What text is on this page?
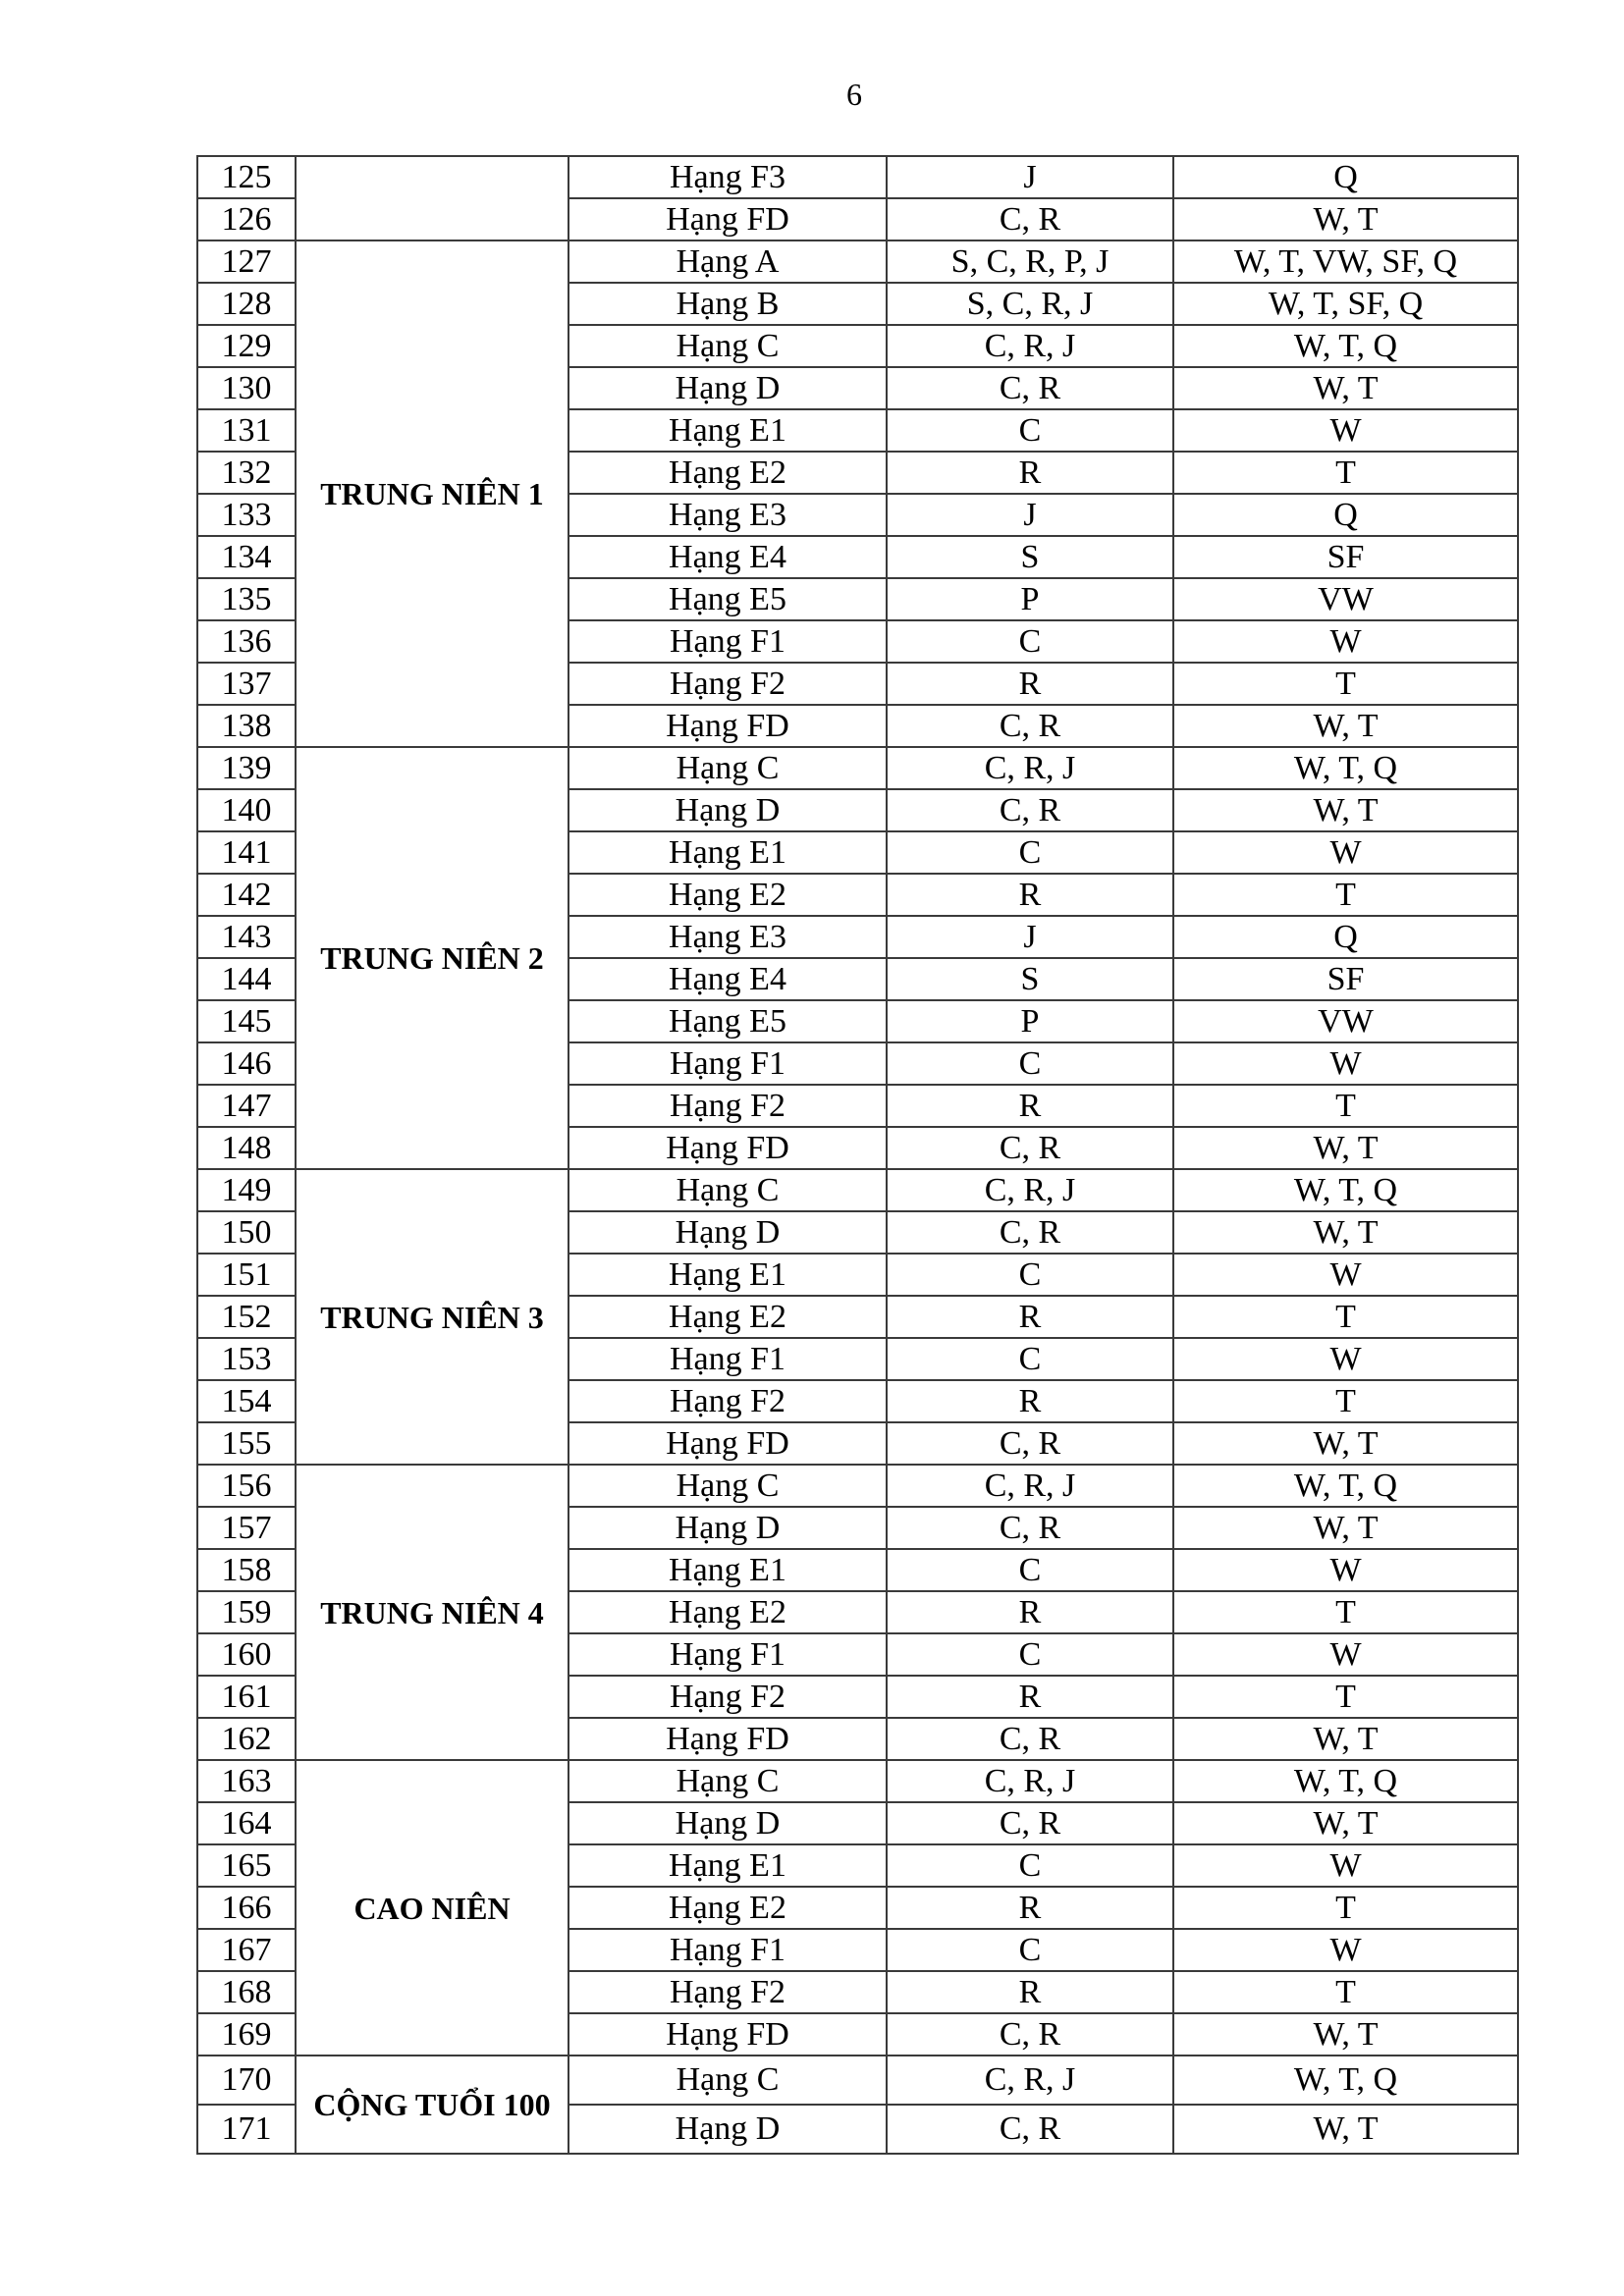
6
125		Hạng F3	J	Q
126		Hạng FD	C, R	W, T
127	TRUNG NIÊN 1	Hạng A	S, C, R, P, J	W, T, VW, SF, Q
128		Hạng B	S, C, R, J	W, T, SF, Q
129		Hạng C	C, R, J	W, T, Q
130		Hạng D	C, R	W, T
131		Hạng E1	C	W
132		Hạng E2	R	T
133		Hạng E3	J	Q
134		Hạng E4	S	SF
135		Hạng E5	P	VW
136		Hạng F1	C	W
137		Hạng F2	R	T
138		Hạng FD	C, R	W, T
139	TRUNG NIÊN 2	Hạng C	C, R, J	W, T, Q
140		Hạng D	C, R	W, T
141		Hạng E1	C	W
142		Hạng E2	R	T
143		Hạng E3	J	Q
144		Hạng E4	S	SF
145		Hạng E5	P	VW
146		Hạng F1	C	W
147		Hạng F2	R	T
148		Hạng FD	C, R	W, T
149	TRUNG NIÊN 3	Hạng C	C, R, J	W, T, Q
150		Hạng D	C, R	W, T
151		Hạng E1	C	W
152		Hạng E2	R	T
153		Hạng F1	C	W
154		Hạng F2	R	T
155		Hạng FD	C, R	W, T
156	TRUNG NIÊN 4	Hạng C	C, R, J	W, T, Q
157		Hạng D	C, R	W, T
158		Hạng E1	C	W
159		Hạng E2	R	T
160		Hạng F1	C	W
161		Hạng F2	R	T
162		Hạng FD	C, R	W, T
163	CAO NIÊN	Hạng C	C, R, J	W, T, Q
164		Hạng D	C, R	W, T
165		Hạng E1	C	W
166		Hạng E2	R	T
167		Hạng F1	C	W
168		Hạng F2	R	T
169		Hạng FD	C, R	W, T
170	CỘNG TUỔI 100	Hạng C	C, R, J	W, T, Q
171		Hạng D	C, R	W, T
